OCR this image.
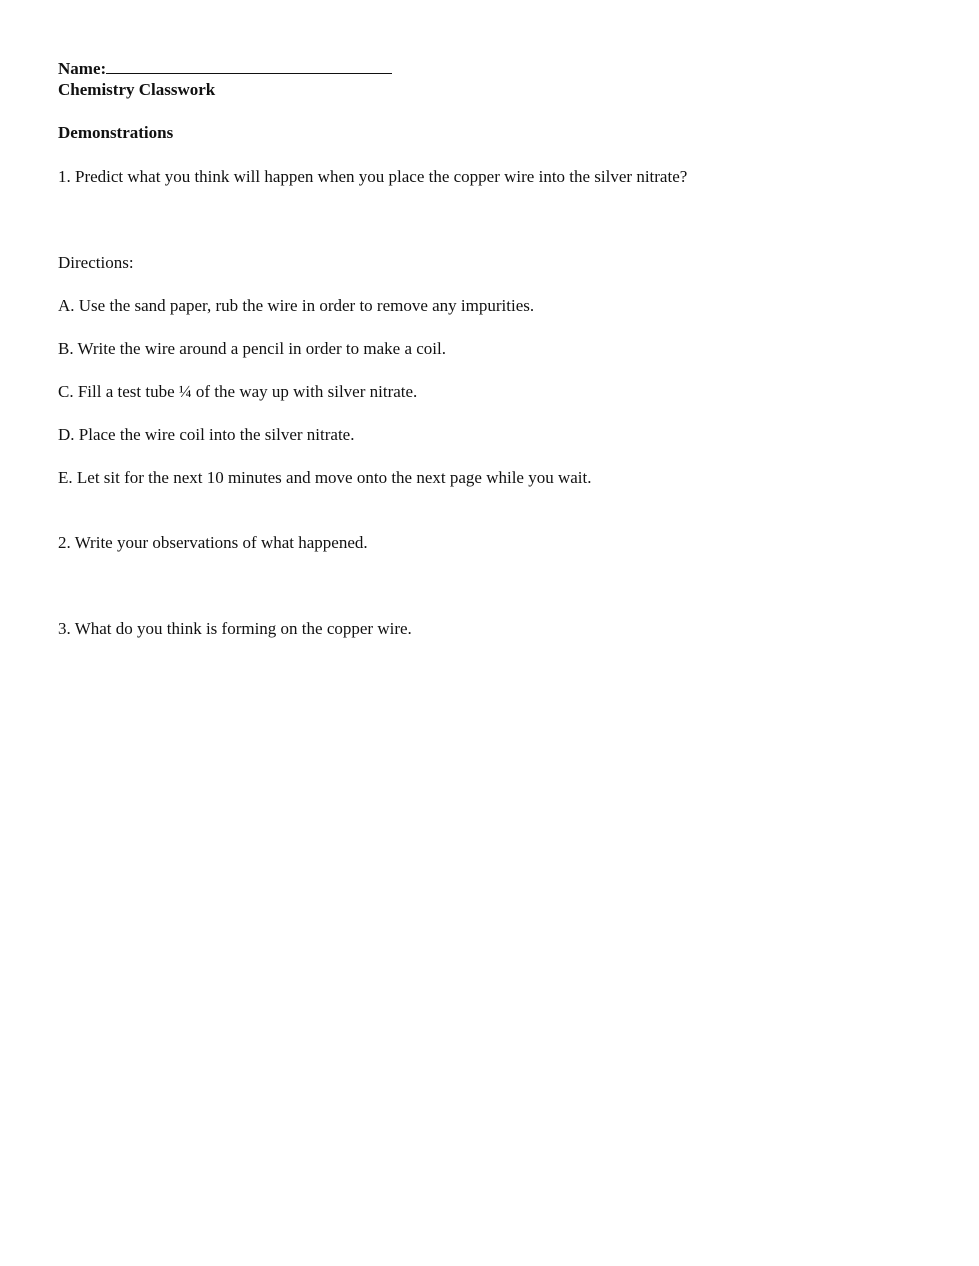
Name:
Chemistry Classwork
Demonstrations
1. Predict what you think will happen when you place the copper wire into the silver nitrate?
Directions:
A. Use the sand paper, rub the wire in order to remove any impurities.
B. Write the wire around a pencil in order to make a coil.
C. Fill a test tube ¼ of the way up with silver nitrate.
D. Place the wire coil into the silver nitrate.
E. Let sit for the next 10 minutes and move onto the next page while you wait.
2. Write your observations of what happened.
3. What do you think is forming on the copper wire.
